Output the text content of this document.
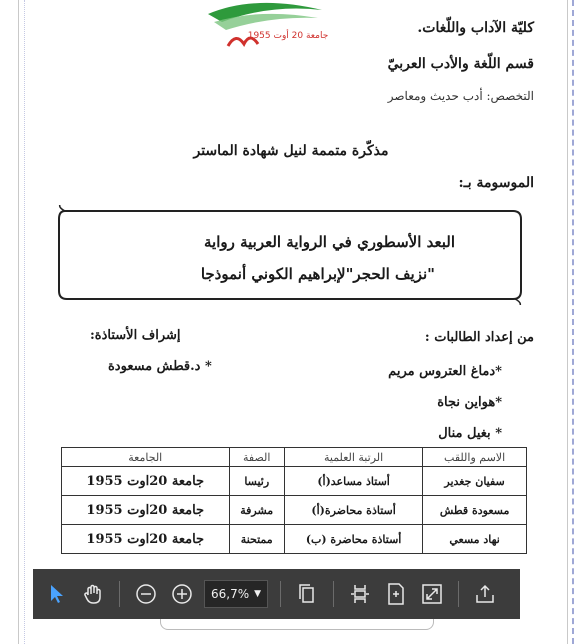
جامعة 20 أوت 1955	كليّة الآداب واللّغات.
قسم اللّغة والأدب العربيّ
التخصص: أدب حديث ومعاصر
مذكّرة متممة لنيل شهادة الماستر
الموسومة بـ:
البعد الأسطوري في الرواية العربية رواية
"نزيف الحجر"لإبراهيم الكوني أنموذجا
من إعداد الطالبات :
إشراف الأستاذة:
* د.قطش مسعودة	*دماغ العتروس مريم
*هواين نجاة
* بغيل منال
الاسم واللقب	الرتبة العلمية	الصفة	الجامعة
سفيان جغدير	أستاذ مساعد(أ)	رئيسا	جامعة 20اوت 1955
مسعودة قطش	أستاذة محاضرة(أ)	مشرفة	جامعة 20اوت 1955
نهاد مسعي	أستاذة محاضرة (ب)	ممتحنة	جامعة 20اوت 1955
66,7% ▼
